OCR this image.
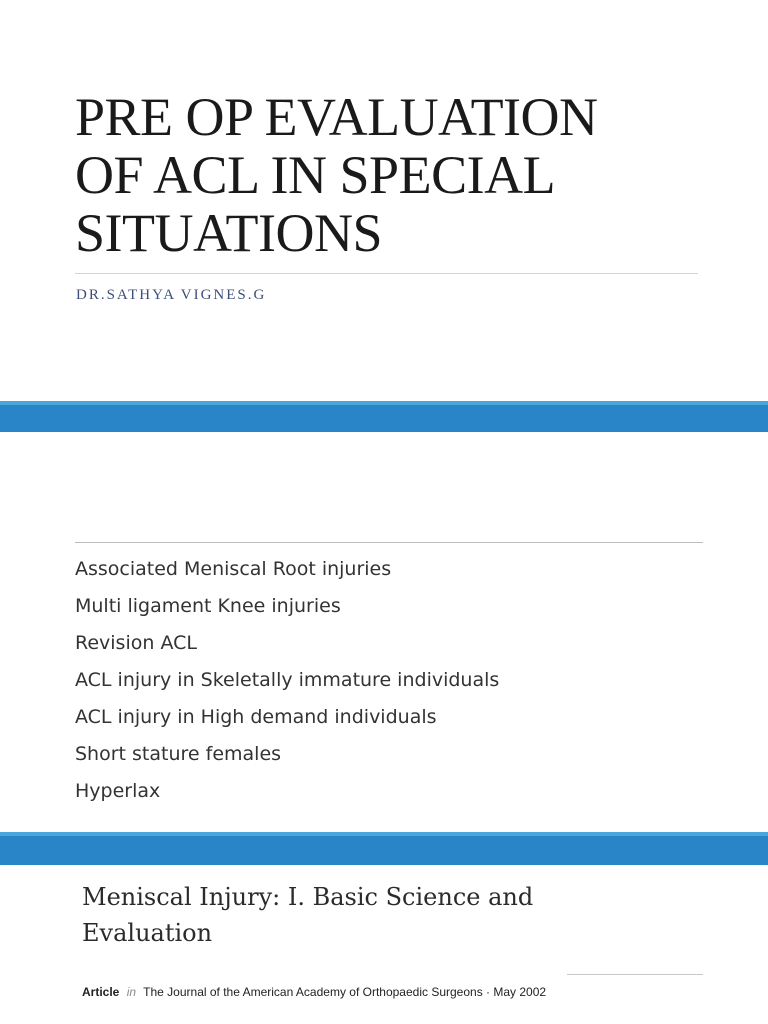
PRE OP EVALUATION
OF ACL IN SPECIAL
SITUATIONS
DR.SATHYA VIGNES.G
Associated Meniscal Root injuries
Multi ligament Knee injuries
Revision ACL
ACL injury in Skeletally immature individuals
ACL injury in High demand individuals
Short stature females
Hyperlax
Meniscal Injury: I. Basic Science and
Evaluation
Article in The Journal of the American Academy of Orthopaedic Surgeons · May 2002
